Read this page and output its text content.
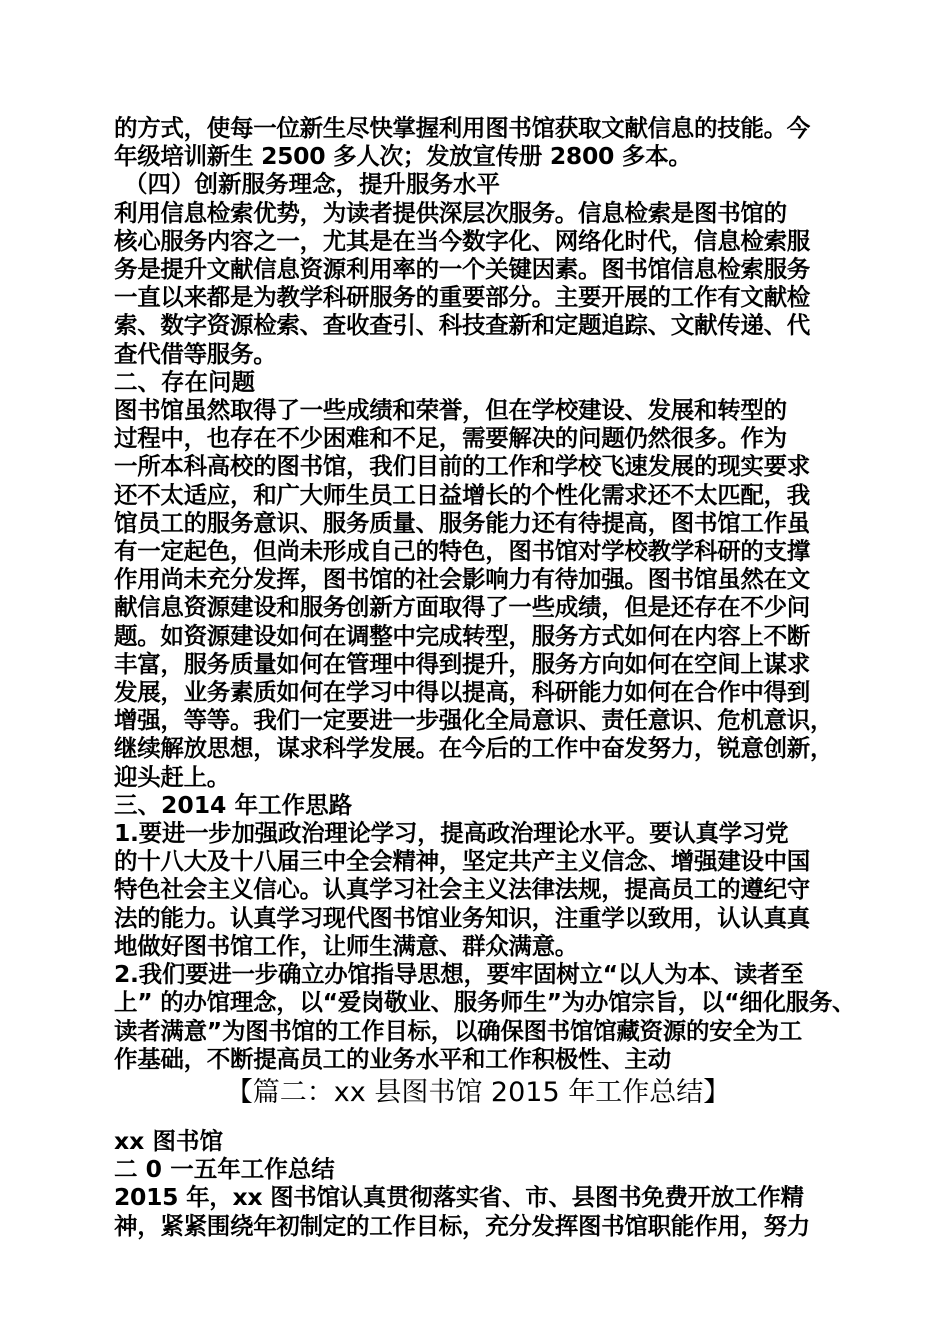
的方式，使每一位新生尽快掌握利用图书馆获取文献信息的技能。今
年级培训新生 2500 多人次；发放宣传册 2800 多本。
（四）创新服务理念，提升服务水平
利用信息检索优势，为读者提供深层次服务。信息检索是图书馆的
核心服务内容之一，尤其是在当今数字化、网络化时代，信息检索服
务是提升文献信息资源利用率的一个关键因素。图书馆信息检索服务
一直以来都是为教学科研服务的重要部分。主要开展的工作有文献检
索、数字资源检索、查收查引、科技查新和定题追踪、文献传递、代
查代借等服务。
二、存在问题
图书馆虽然取得了一些成绩和荣誉，但在学校建设、发展和转型的
过程中，也存在不少困难和不足，需要解决的问题仍然很多。作为
一所本科高校的图书馆，我们目前的工作和学校飞速发展的现实要求
还不太适应，和广大师生员工日益增长的个性化需求还不太匹配，我
馆员工的服务意识、服务质量、服务能力还有待提高，图书馆工作虽
有一定起色，但尚未形成自己的特色，图书馆对学校教学科研的支撑
作用尚未充分发挥，图书馆的社会影响力有待加强。图书馆虽然在文
献信息资源建设和服务创新方面取得了一些成绩，但是还存在不少问
题。如资源建设如何在调整中完成转型，服务方式如何在内容上不断
丰富，服务质量如何在管理中得到提升，服务方向如何在空间上谋求
发展，业务素质如何在学习中得以提高，科研能力如何在合作中得到
增强，等等。我们一定要进一步强化全局意识、责任意识、危机意识，
继续解放思想，谋求科学发展。在今后的工作中奋发努力，锐意创新，
迎头赶上。
三、2014 年工作思路
1.要进一步加强政治理论学习，提高政治理论水平。要认真学习党
的十八大及十八届三中全会精神，坚定共产主义信念、增强建设中国
特色社会主义信心。认真学习社会主义法律法规，提高员工的遵纪守
法的能力。认真学习现代图书馆业务知识，注重学以致用，认认真真
地做好图书馆工作，让师生满意、群众满意。
2.我们要进一步确立办馆指导思想，要牢固树立“以人为本、读者至
上” 的办馆理念，以“爱岗敬业、服务师生”为办馆宗旨，以“细化服务、
读者满意”为图书馆的工作目标，以确保图书馆馆藏资源的安全为工
作基础，不断提高员工的业务水平和工作积极性、主动
【篇二：xx 县图书馆 2015 年工作总结】
xx 图书馆
二 0 一五年工作总结
2015 年，xx 图书馆认真贯彻落实省、市、县图书免费开放工作精
神，紧紧围绕年初制定的工作目标，充分发挥图书馆职能作用，努力
